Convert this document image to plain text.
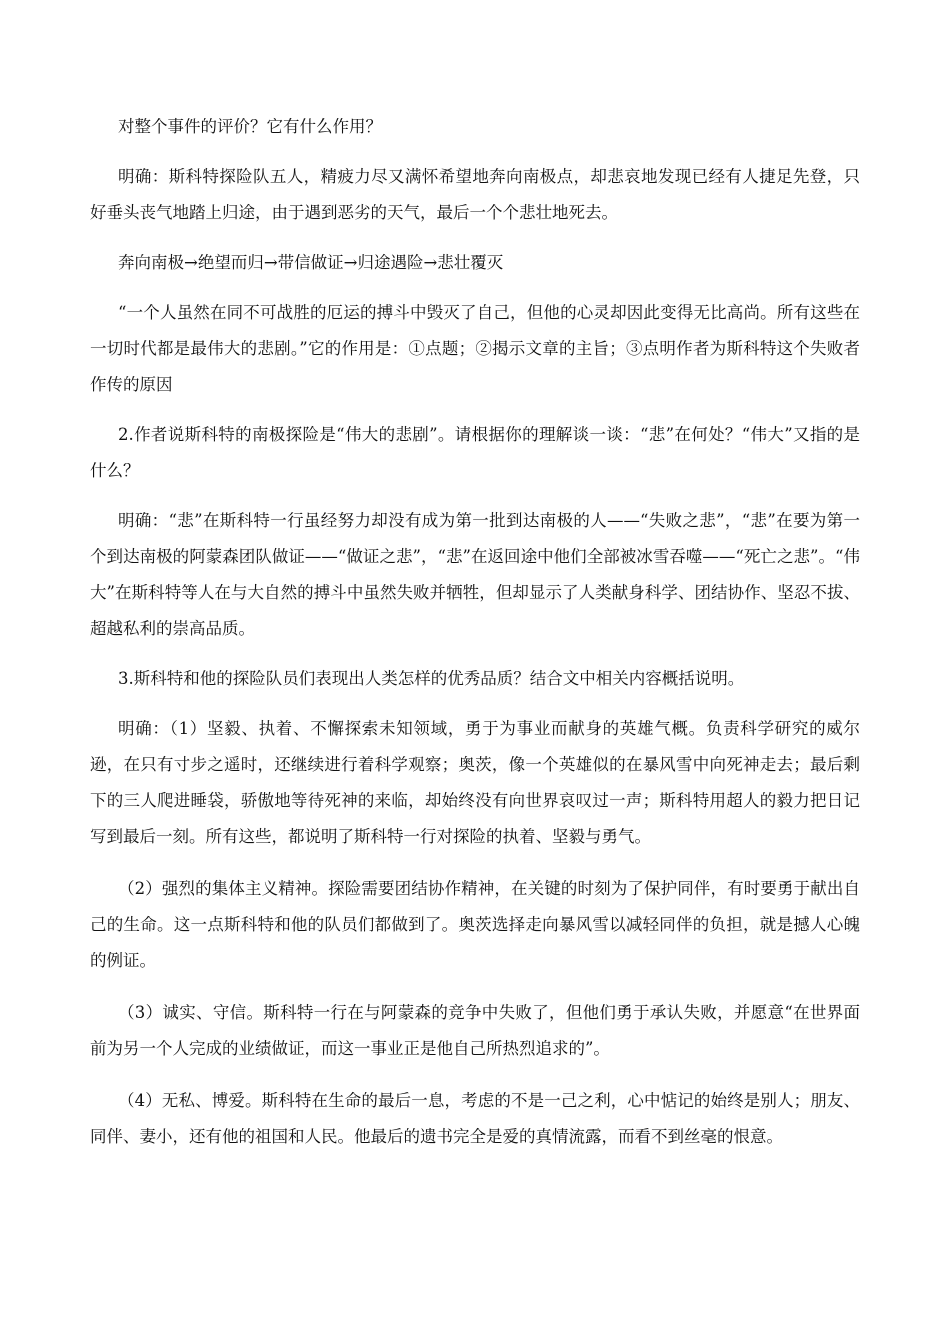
对整个事件的评价？它有什么作用？

明确：斯科特探险队五人，精疲力尽又满怀希望地奔向南极点，却悲哀地发现已经有人捷足先登，只好垂头丧气地踏上归途，由于遇到恶劣的天气，最后一个个悲壮地死去。

奔向南极→绝望而归→带信做证→归途遇险→悲壮覆灭

“一个人虽然在同不可战胜的厄运的搏斗中毁灭了自己，但他的心灵却因此变得无比高尚。所有这些在一切时代都是最伟大的悲剧。”它的作用是：①点题；②揭示文章的主旨；③点明作者为斯科特这个失败者作传的原因

2.作者说斯科特的南极探险是“伟大的悲剧”。请根据你的理解谈一谈：“悲”在何处？“伟大”又指的是什么？

明确：“悲”在斯科特一行虽经努力却没有成为第一批到达南极的人——“失败之悲”，“悲”在要为第一个到达南极的阿蒙森团队做证——“做证之悲”，“悲”在返回途中他们全部被冰雪吞噬——“死亡之悲”。“伟大”在斯科特等人在与大自然的搏斗中虽然失败并牺牲，但却显示了人类献身科学、团结协作、坚忍不拔、超越私利的崇高品质。

3.斯科特和他的探险队员们表现出人类怎样的优秀品质？结合文中相关内容概括说明。

明确：（1）坚毅、执着、不懈探索未知领域，勇于为事业而献身的英雄气概。负责科学研究的威尔逊，在只有寸步之遥时，还继续进行着科学观察；奥茨，像一个英雄似的在暴风雪中向死神走去；最后剩下的三人爬进睡袋，骄傲地等待死神的来临，却始终没有向世界哀叹过一声；斯科特用超人的毅力把日记写到最后一刻。所有这些，都说明了斯科特一行对探险的执着、坚毅与勇气。

（2）强烈的集体主义精神。探险需要团结协作精神，在关键的时刻为了保护同伴，有时要勇于献出自己的生命。这一点斯科特和他的队员们都做到了。奥茨选择走向暴风雪以减轻同伴的负担，就是撼人心魄的例证。

（3）诚实、守信。斯科特一行在与阿蒙森的竞争中失败了，但他们勇于承认失败，并愿意“在世界面前为另一个人完成的业绩做证，而这一事业正是他自己所热烈追求的”。

（4）无私、博爱。斯科特在生命的最后一息，考虑的不是一己之利，心中惦记的始终是别人；朋友、同伴、妻小，还有他的祖国和人民。他最后的遗书完全是爱的真情流露，而看不到丝毫的恨意。
